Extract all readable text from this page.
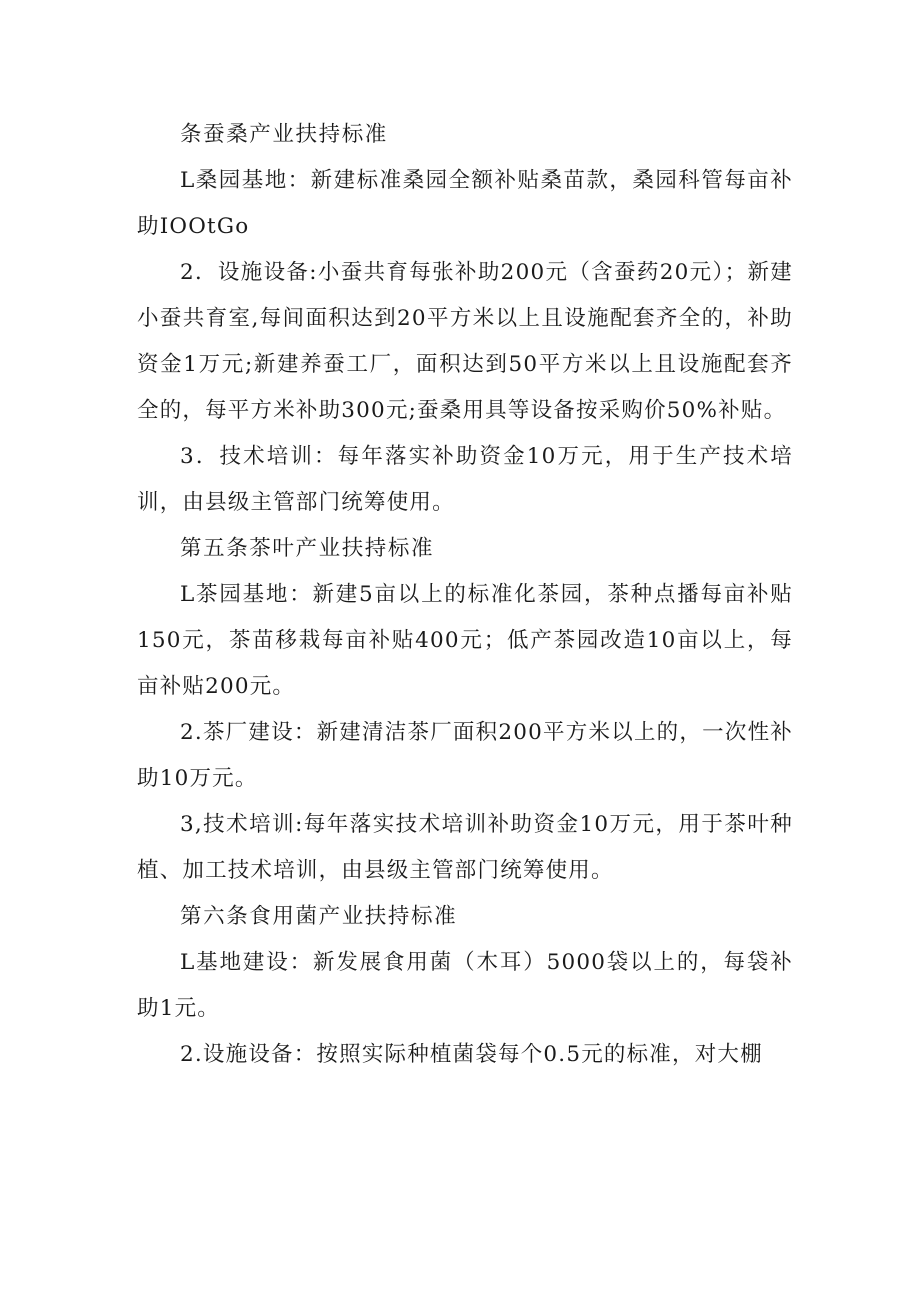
条蚕桑产业扶持标准

L桑园基地：新建标准桑园全额补贴桑苗款，桑园科管每亩补助IOOtGo

2．设施设备:小蚕共育每张补助200元（含蚕药20元）；新建小蚕共育室,每间面积达到20平方米以上且设施配套齐全的，补助资金1万元;新建养蚕工厂，面积达到50平方米以上且设施配套齐全的，每平方米补助300元;蚕桑用具等设备按采购价50%补贴。

3．技术培训：每年落实补助资金10万元，用于生产技术培训，由县级主管部门统筹使用。

第五条茶叶产业扶持标准

L茶园基地：新建5亩以上的标准化茶园，茶种点播每亩补贴150元，茶苗移栽每亩补贴400元；低产茶园改造10亩以上，每亩补贴200元。

2.茶厂建设：新建清洁茶厂面积200平方米以上的，一次性补助10万元。

3,技术培训:每年落实技术培训补助资金10万元，用于茶叶种植、加工技术培训，由县级主管部门统筹使用。

第六条食用菌产业扶持标准

L基地建设：新发展食用菌（木耳）5000袋以上的，每袋补助1元。

2.设施设备：按照实际种植菌袋每个0.5元的标准，对大棚
